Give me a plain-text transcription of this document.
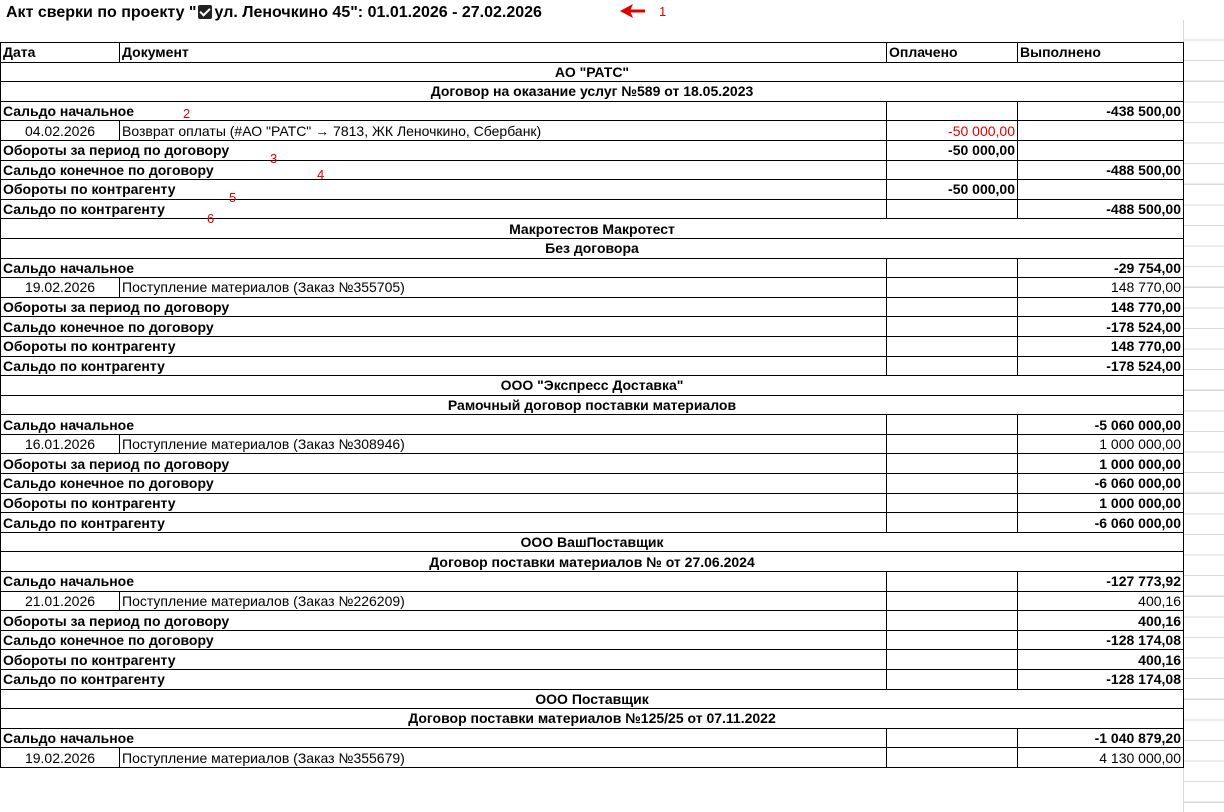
Акт сверки по проекту " ул. Леночкино 45": 01.01.2026 - 27.02.2026
Дата	Документ	Оплачено	Выполнено
АО "РАТС"			
Договор на оказание услуг №589 от 18.05.2023			
Сальдо начальное			-438 500,00
04.02.2026	Возврат оплаты (#АО "РАТС" → 7813, ЖК Леночкино, Сбербанк)	-50 000,00	
Обороты за период по договору		-50 000,00	
Сальдо конечное по договору			-488 500,00
Обороты по контрагенту		-50 000,00	
Сальдо по контрагенту			-488 500,00
Макротестов Макротест			
Без договора			
Сальдо начальное			-29 754,00
19.02.2026	Поступление материалов (Заказ №355705)		148 770,00
Обороты за период по договору			148 770,00
Сальдо конечное по договору			-178 524,00
Обороты по контрагенту			148 770,00
Сальдо по контрагенту			-178 524,00
ООО "Экспресс Доставка"			
Рамочный договор поставки материалов			
Сальдо начальное			-5 060 000,00
16.01.2026	Поступление материалов (Заказ №308946)		1 000 000,00
Обороты за период по договору			1 000 000,00
Сальдо конечное по договору			-6 060 000,00
Обороты по контрагенту			1 000 000,00
Сальдо по контрагенту			-6 060 000,00
ООО ВашПоставщик			
Договор поставки материалов № от 27.06.2024			
Сальдо начальное			-127 773,92
21.01.2026	Поступление материалов (Заказ №226209)		400,16
Обороты за период по договору			400,16
Сальдо конечное по договору			-128 174,08
Обороты по контрагенту			400,16
Сальдо по контрагенту			-128 174,08
ООО Поставщик			
Договор поставки материалов №125/25 от 07.11.2022			
Сальдо начальное			-1 040 879,20
19.02.2026	Поступление материалов (Заказ №355679)		4 130 000,00
1
2
3
4
5
6
